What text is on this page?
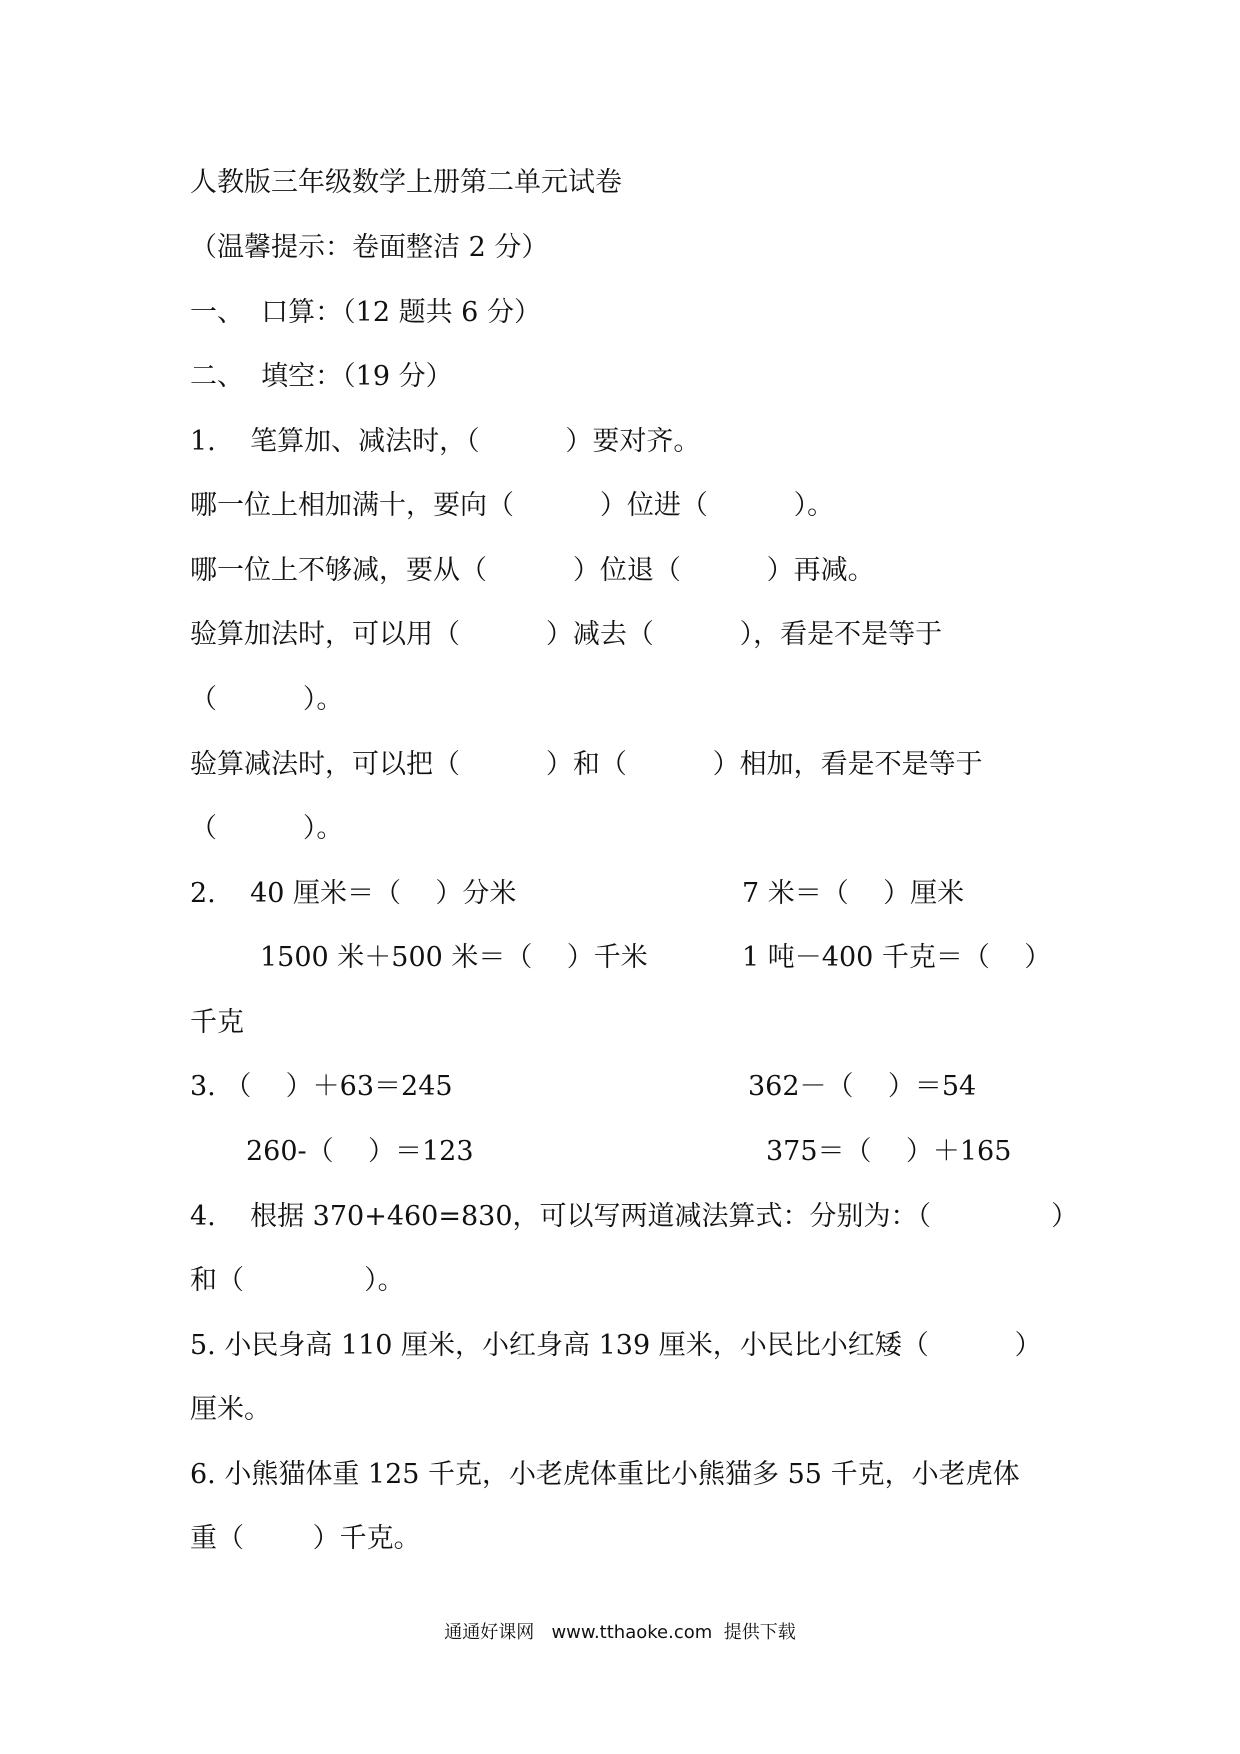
人教版三年级数学上册第二单元试卷
（温馨提示：卷面整洁 2 分）
一、  口算：（12 题共 6 分）
二、  填空：（19 分）
1.    笔算加、减法时，（          ）要对齐。
哪一位上相加满十，要向（          ）位进（          ）。
哪一位上不够减，要从（          ）位退（          ）再减。
验算加法时，可以用（          ）减去（          ），看是不是等于
（          ）。
验算减法时，可以把（          ）和（          ）相加，看是不是等于
（          ）。
2.    40 厘米＝（    ）分米	7 米＝（    ）厘米
1500 米＋500 米＝（    ）千米	1 吨－400 千克＝（    ）
千克
3. （    ）＋63＝245	362－（    ）＝54
260-（    ）＝123	375＝（    ）＋165
4.    根据 370+460=830，可以写两道减法算式：分别为：（              ）
和（              ）。
5. 小民身高 110 厘米，小红身高 139 厘米，小民比小红矮（          ）
厘米。
6. 小熊猫体重 125 千克，小老虎体重比小熊猫多 55 千克，小老虎体
重（        ）千克。
通通好课网   www.tthaoke.com  提供下载
